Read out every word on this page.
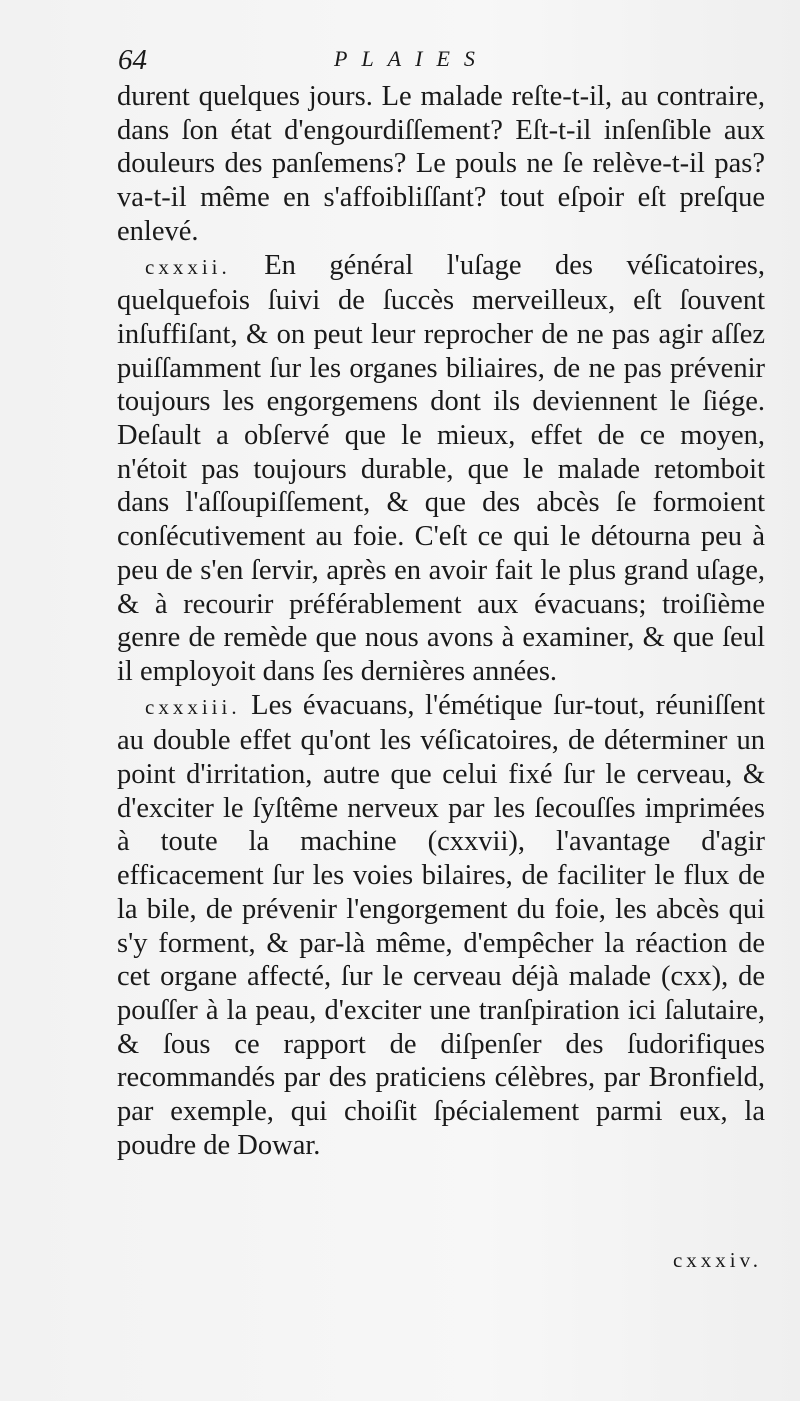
64	PLAIES

durent quelques jours. Le malade reſte-t-il, au contraire, dans ſon état d'engourdiſſement? Eſt-t-il inſenſible aux douleurs des panſemens? Le pouls ne ſe relève-t-il pas? va-t-il même en s'affoibliſſant? tout eſpoir eſt preſque enlevé.

cxxxii. En général l'uſage des véſicatoires, quelquefois ſuivi de ſuccès merveilleux, eſt ſouvent inſuffiſant, & on peut leur reprocher de ne pas agir aſſez puiſſamment ſur les organes biliaires, de ne pas prévenir toujours les engorgemens dont ils deviennent le ſiége. Deſault a obſervé que le mieux, effet de ce moyen, n'étoit pas toujours durable, que le malade retomboit dans l'aſſoupiſſement, & que des abcès ſe formoient conſécutivement au foie. C'eſt ce qui le détourna peu à peu de s'en ſervir, après en avoir fait le plus grand uſage, & à recourir préférablement aux évacuans; troiſième genre de remède que nous avons à examiner, & que ſeul il employoit dans ſes dernières années.

cxxxiii. Les évacuans, l'émétique ſur-tout, réuniſſent au double effet qu'ont les véſicatoires, de déterminer un point d'irritation, autre que celui fixé ſur le cerveau, & d'exciter le ſyſtême nerveux par les ſecouſſes imprimées à toute la machine (cxxvii), l'avantage d'agir efficacement ſur les voies bilaires, de faciliter le flux de la bile, de prévenir l'engorgement du foie, les abcès qui s'y forment, & par-là même, d'empêcher la réaction de cet organe affecté, ſur le cerveau déjà malade (cxx), de pouſſer à la peau, d'exciter une tranſpiration ici ſalutaire, & ſous ce rapport de diſpenſer des ſudorifiques recommandés par des praticiens célèbres, par Bronfield, par exemple, qui choiſit ſpécialement parmi eux, la poudre de Dowar.

cxxxiv.
